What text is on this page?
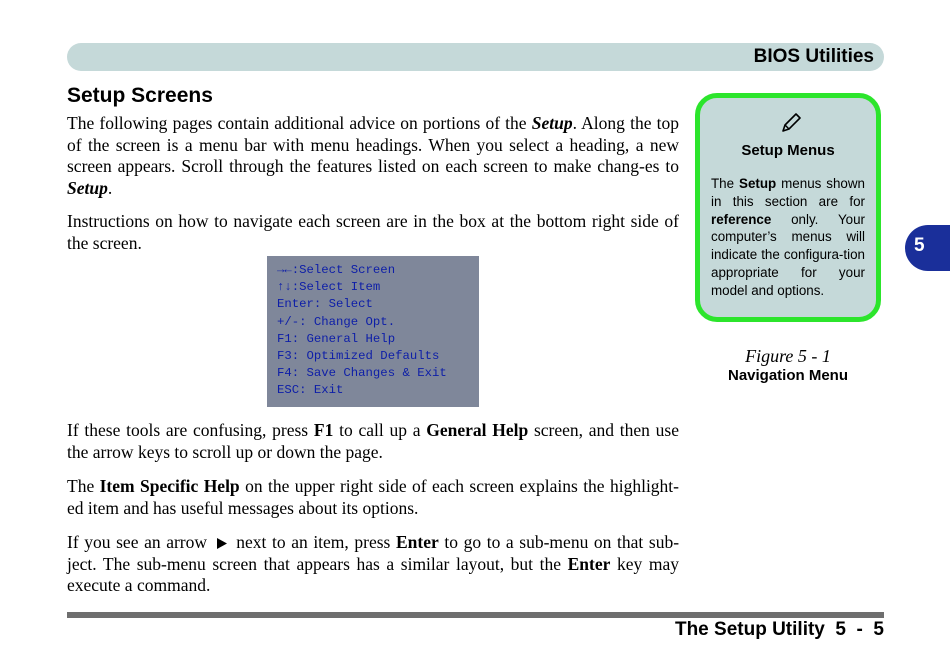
BIOS Utilities
Setup Screens

The following pages contain additional advice on portions of the Setup. Along the top of the screen is a menu bar with menu headings. When you select a heading, a new screen appears. Scroll through the features listed on each screen to make chang-es to Setup.

Instructions on how to navigate each screen are in the box at the bottom right side of the screen.

→←:Select Screen
↑↓:Select Item
Enter: Select
+/-: Change Opt.
F1: General Help
F3: Optimized Defaults
F4: Save Changes & Exit
ESC: Exit

If these tools are confusing, press F1 to call up a General Help screen, and then use the arrow keys to scroll up or down the page.

The Item Specific Help on the upper right side of each screen explains the highlight-ed item and has useful messages about its options.

If you see an arrow next to an item, press Enter to go to a sub-menu on that sub-ject. The sub-menu screen that appears has a similar layout, but the Enter key may execute a command.

Setup Menus

The Setup menus shown in this section are for reference only. Your computer’s menus will indicate the configura-tion appropriate for your model and options.

Figure 5 - 1
Navigation Menu
5
The Setup Utility  5  -  5
